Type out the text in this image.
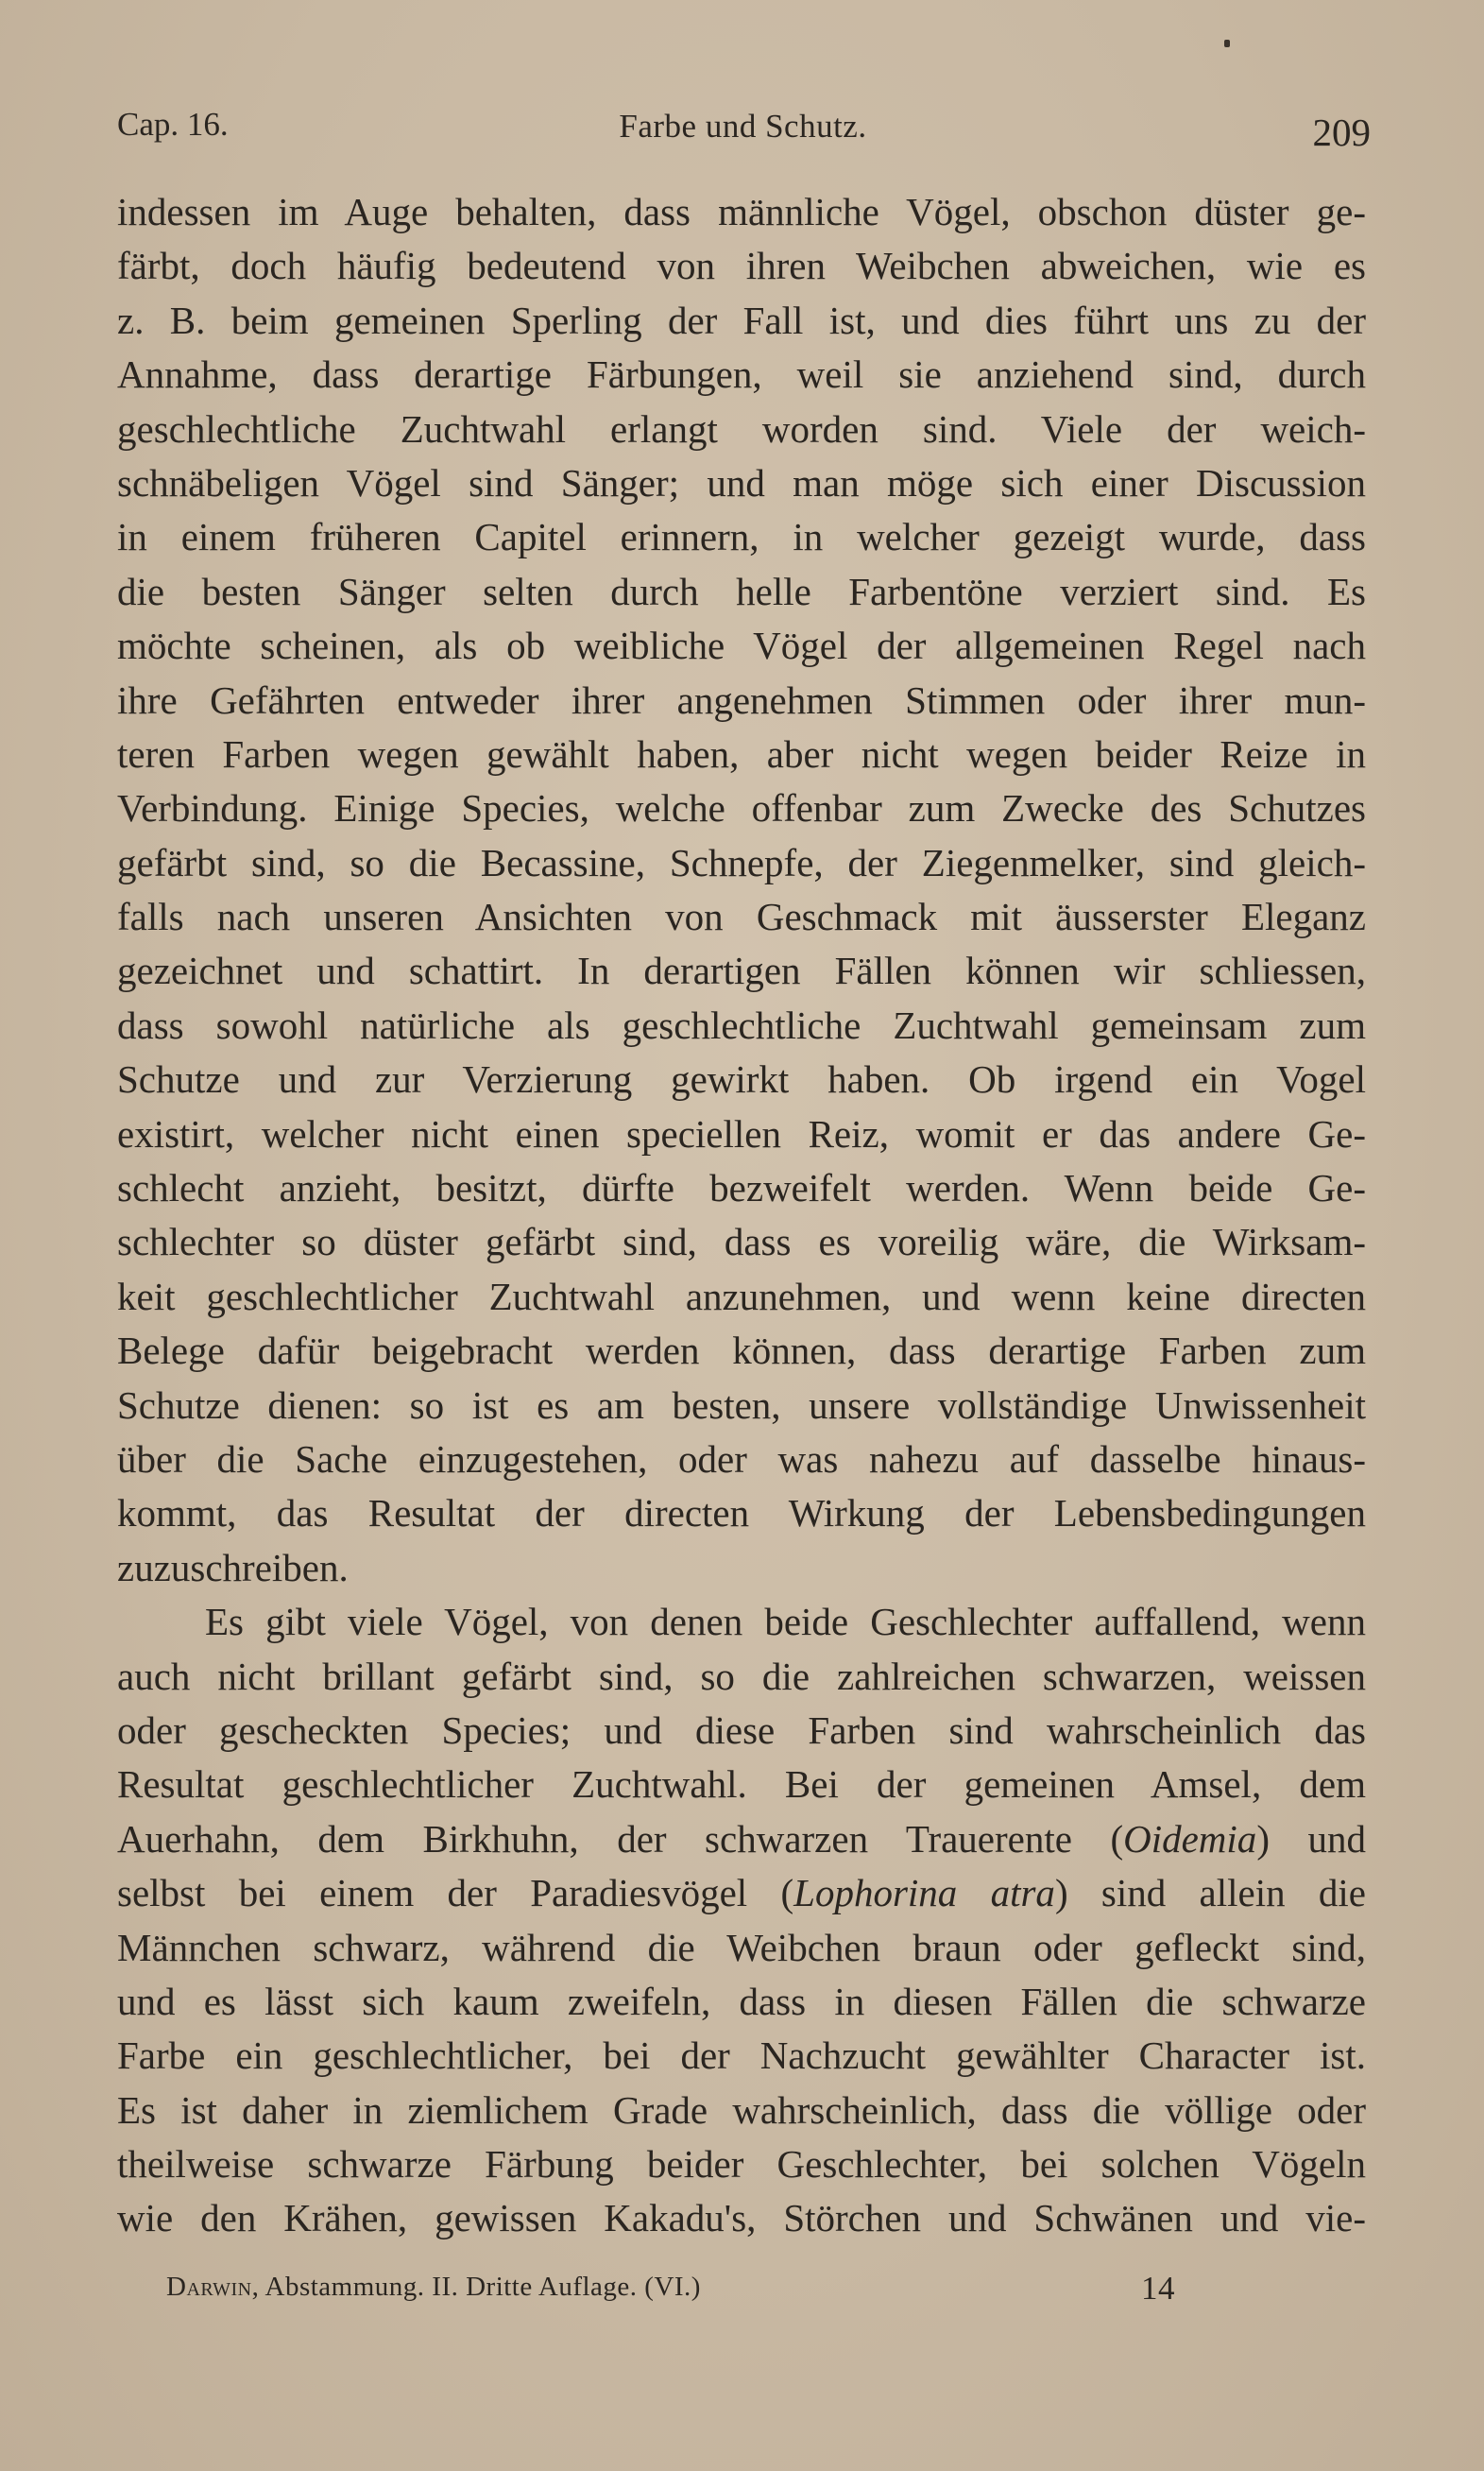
Cap. 16.	Farbe und Schutz.	209
indessen im Auge behalten, dass männliche Vögel, obschon düster ge-
färbt, doch häufig bedeutend von ihren Weibchen abweichen, wie es
z. B. beim gemeinen Sperling der Fall ist, und dies führt uns zu der
Annahme, dass derartige Färbungen, weil sie anziehend sind, durch
geschlechtliche Zuchtwahl erlangt worden sind. Viele der weich-
schnäbeligen Vögel sind Sänger; und man möge sich einer Discussion
in einem früheren Capitel erinnern, in welcher gezeigt wurde, dass
die besten Sänger selten durch helle Farbentöne verziert sind. Es
möchte scheinen, als ob weibliche Vögel der allgemeinen Regel nach
ihre Gefährten entweder ihrer angenehmen Stimmen oder ihrer mun-
teren Farben wegen gewählt haben, aber nicht wegen beider Reize in
Verbindung. Einige Species, welche offenbar zum Zwecke des Schutzes
gefärbt sind, so die Becassine, Schnepfe, der Ziegenmelker, sind gleich-
falls nach unseren Ansichten von Geschmack mit äusserster Eleganz
gezeichnet und schattirt. In derartigen Fällen können wir schliessen,
dass sowohl natürliche als geschlechtliche Zuchtwahl gemeinsam zum
Schutze und zur Verzierung gewirkt haben. Ob irgend ein Vogel
existirt, welcher nicht einen speciellen Reiz, womit er das andere Ge-
schlecht anzieht, besitzt, dürfte bezweifelt werden. Wenn beide Ge-
schlechter so düster gefärbt sind, dass es voreilig wäre, die Wirksam-
keit geschlechtlicher Zuchtwahl anzunehmen, und wenn keine directen
Belege dafür beigebracht werden können, dass derartige Farben zum
Schutze dienen: so ist es am besten, unsere vollständige Unwissenheit
über die Sache einzugestehen, oder was nahezu auf dasselbe hinaus-
kommt, das Resultat der directen Wirkung der Lebensbedingungen
zuzuschreiben.
Es gibt viele Vögel, von denen beide Geschlechter auffallend, wenn
auch nicht brillant gefärbt sind, so die zahlreichen schwarzen, weissen
oder gescheckten Species; und diese Farben sind wahrscheinlich das
Resultat geschlechtlicher Zuchtwahl. Bei der gemeinen Amsel, dem
Auerhahn, dem Birkhuhn, der schwarzen Trauerente (Oidemia) und
selbst bei einem der Paradiesvögel (Lophorina atra) sind allein die
Männchen schwarz, während die Weibchen braun oder gefleckt sind,
und es lässt sich kaum zweifeln, dass in diesen Fällen die schwarze
Farbe ein geschlechtlicher, bei der Nachzucht gewählter Character ist.
Es ist daher in ziemlichem Grade wahrscheinlich, dass die völlige oder
theilweise schwarze Färbung beider Geschlechter, bei solchen Vögeln
wie den Krähen, gewissen Kakadu's, Störchen und Schwänen und vie-
Darwin, Abstammung. II. Dritte Auflage. (VI.)	14
